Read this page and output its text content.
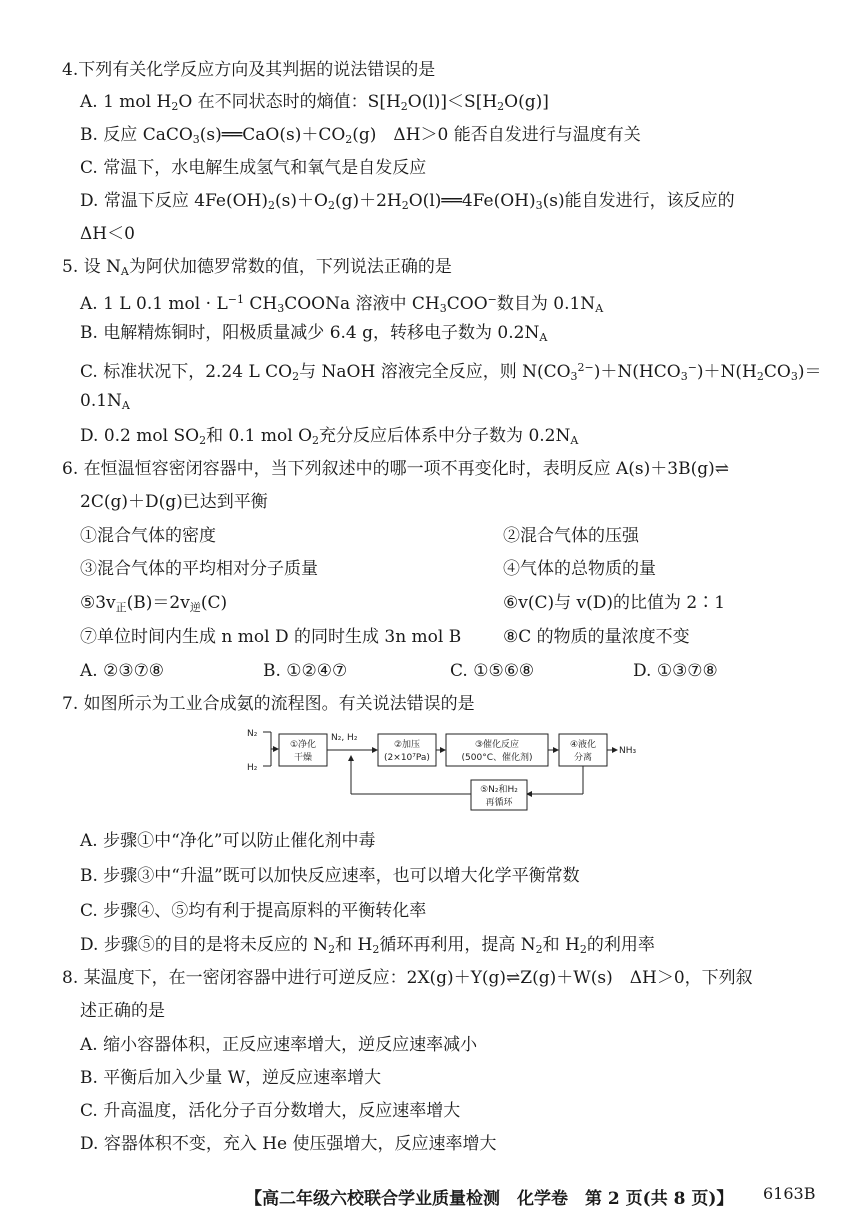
4.下列有关化学反应方向及其判据的说法错误的是
A. 1 mol $H_2O$ 在不同状态时的熵值：$S[H_2O(l)]<S[H_2O(g)]$
B. 反应 $CaCO_3(s)══CaO(s)+CO_2(g)$　ΔH＞0 能否自发进行与温度有关
C. 常温下，水电解生成氢气和氧气是自发反应
D. 常温下反应 $4Fe(OH)_2(s)+O_2(g)+2H_2O(l)══4Fe(OH)_3(s)$能自发进行，该反应的
ΔH＜0
5. 设 $N_A$为阿伏加德罗常数的值，下列说法正确的是
A. 1 L 0.1 mol · $L^{-1}$ $CH_3COONa$ 溶液中 $CH_3COO^-$数目为 $0.1N_A$
B. 电解精炼铜时，阳极质量减少 6.4 g，转移电子数为 $0.2N_A$
C. 标准状况下，2.24 L $CO_2$与 NaOH 溶液完全反应，则 $N(CO_3^{2-})+N(HCO_3^-)+N(H_2CO_3)=$
$0.1N_A$
D. 0.2 mol $SO_2$和 0.1 mol $O_2$充分反应后体系中分子数为 $0.2N_A$
6. 在恒温恒容密闭容器中，当下列叙述中的哪一项不再变化时，表明反应 A(s)＋3B(g)⇌
2C(g)＋D(g)已达到平衡
①混合气体的密度	②混合气体的压强
③混合气体的平均相对分子质量	④气体的总物质的量
$⑤3v_正(B)=2v_逆(C)$	⑥v(C)与 v(D)的比值为 2∶1
⑦单位时间内生成 n mol D 的同时生成 3n mol B ⑧C 的物质的量浓度不变
A. ②③⑦⑧	B. ①②④⑦	C. ①⑤⑥⑧	D. ①③⑦⑧
7. 如图所示为工业合成氨的流程图。有关说法错误的是
N₂
H₂
①净化
干燥
N₂, H₂
②加压
(2×10⁷Pa)
③催化反应
(500°C、催化剂)
④液化
分离
NH₃
⑤N₂和H₂
再循环
A. 步骤①中“净化”可以防止催化剂中毒
B. 步骤③中“升温”既可以加快反应速率，也可以增大化学平衡常数
C. 步骤④、⑤均有利于提高原料的平衡转化率
D. 步骤⑤的目的是将未反应的 $N_2$和 $H_2$循环再利用，提高 $N_2$和 $H_2$的利用率
8. 某温度下，在一密闭容器中进行可逆反应：2X(g)＋Y(g)⇌Z(g)＋W(s)　ΔH＞0，下列叙
述正确的是
A. 缩小容器体积，正反应速率增大，逆反应速率减小
B. 平衡后加入少量 W，逆反应速率增大
C. 升高温度，活化分子百分数增大，反应速率增大
D. 容器体积不变，充入 He 使压强增大，反应速率增大
【高二年级六校联合学业质量检测　化学卷　第 2 页(共 8 页)】 6163B
